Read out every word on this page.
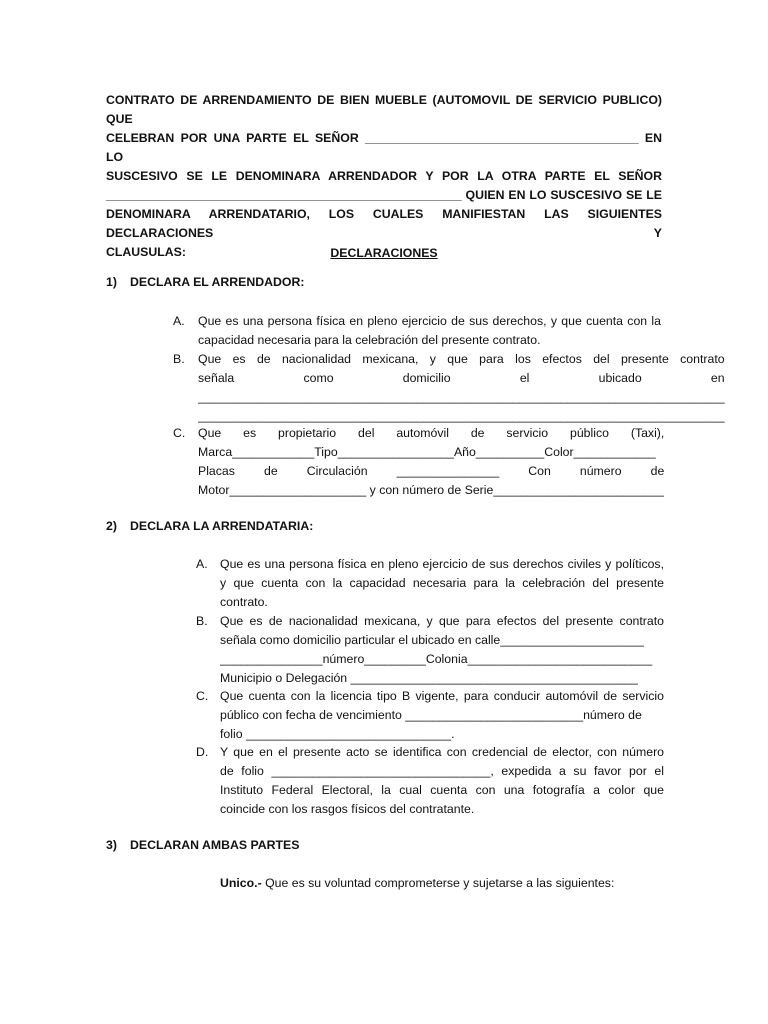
CONTRATO DE ARRENDAMIENTO DE BIEN MUEBLE (AUTOMOVIL DE SERVICIO PUBLICO) QUE
CELEBRAN POR UNA PARTE EL SEÑOR ________________________________________ EN LO
SUSCESIVO SE LE DENOMINARA ARRENDADOR Y POR LA OTRA PARTE EL SEÑOR
____________________________________________________ QUIEN EN LO SUSCESIVO SE LE
DENOMINARA ARRENDATARIO, LOS CUALES MANIFIESTAN LAS SIGUIENTES DECLARACIONES Y
CLAUSULAS:	DECLARACIONES
1) DECLARA EL ARRENDADOR:
A.	Que es una persona física en pleno ejercicio de sus derechos, y que cuenta con la
capacidad necesaria para la celebración del presente contrato.
B.	Que es de nacionalidad mexicana, y que para los efectos del presente contrato
señala como domicilio el ubicado en
_____________________________________________________________________________
_____________________________________________________________________________
C.	Que es propietario del automóvil de servicio público (Taxi),
Marca____________Tipo_________________Año__________Color____________
Placas de Circulación _______________ Con número de
Motor____________________ y con número de Serie_________________________
2) DECLARA LA ARRENDATARIA:
A.	Que es una persona física en pleno ejercicio de sus derechos civiles y políticos,
y que cuenta con la capacidad necesaria para la celebración del presente
contrato.
B.	Que es de nacionalidad mexicana, y que para efectos del presente contrato
señala como domicilio particular el ubicado en calle_____________________
_______________número_________Colonia___________________________
Municipio o Delegación __________________________________________
C. Que cuenta con la licencia tipo B vigente, para conducir automóvil de servicio
público con fecha de vencimiento __________________________número de
folio ______________________________.
D. Y que en el presente acto se identifica con credencial de elector, con número
de folio ________________________________, expedida a su favor por el
Instituto Federal Electoral, la cual cuenta con una fotografía a color que
coincide con los rasgos físicos del contratante.
3) DECLARAN AMBAS PARTES
Unico.- Que es su voluntad comprometerse y sujetarse a las siguientes:
